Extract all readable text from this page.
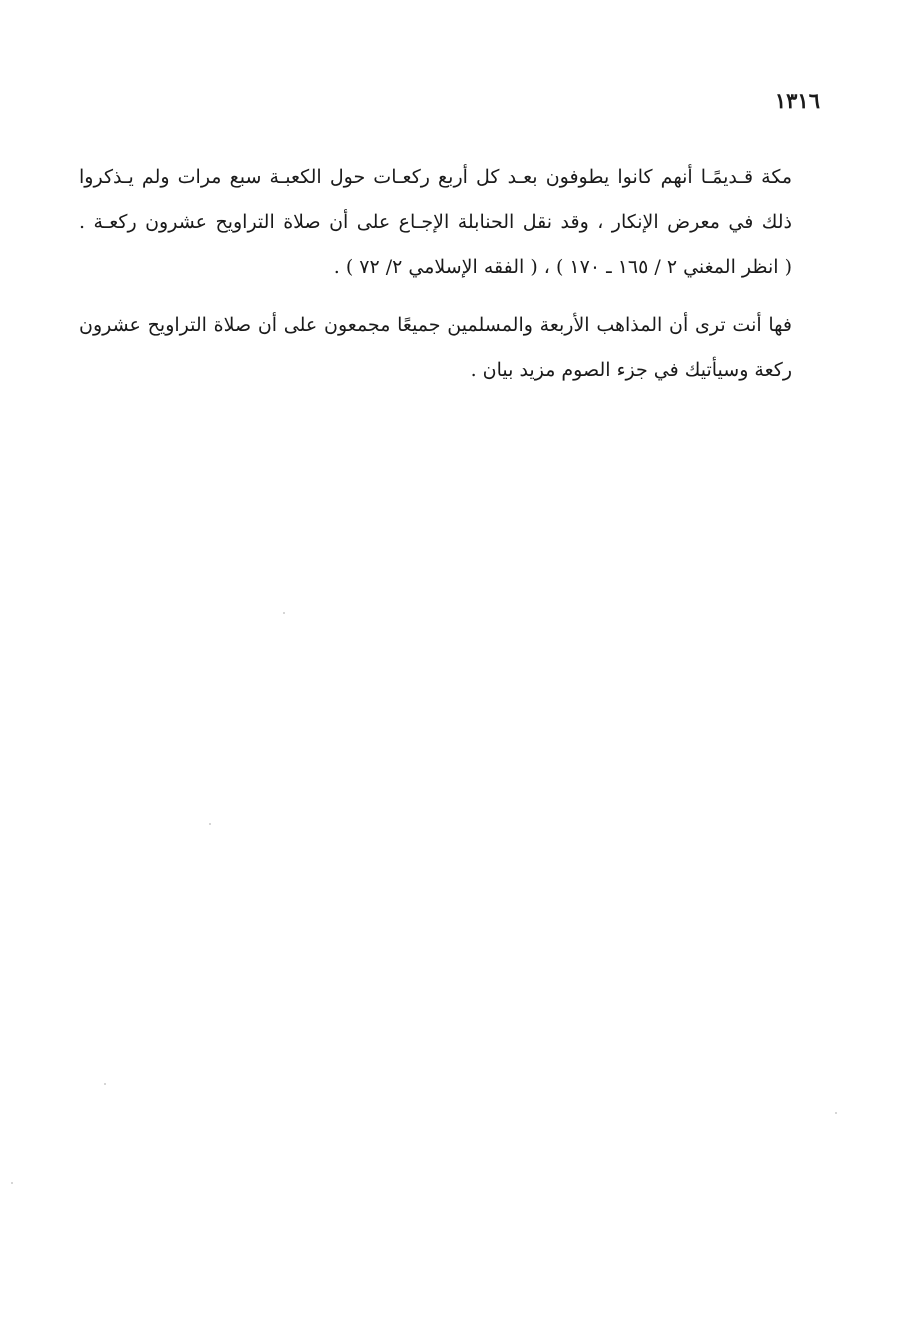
١٣١٦

مكة قـديمًـا أنهم كانوا يطوفون بعـد كل أربع ركعـات حول الكعبـة سبع مرات ولم يـذكروا
ذلك في معرض الإنكار ، وقد نقل الحنابلة الإجـاع على أن صلاة التراويح عشرون ركعـة .
( انظر المغني ٢ / ١٦٥ ـ ١٧٠ ) ، ( الفقه الإسلامي ٢/ ٧٢ ) .

فها أنت ترى أن المذاهب الأربعة والمسلمين جميعًا مجمعون على أن صلاة التراويح عشرون
ركعة وسيأتيك في جزء الصوم مزيد بيان .
